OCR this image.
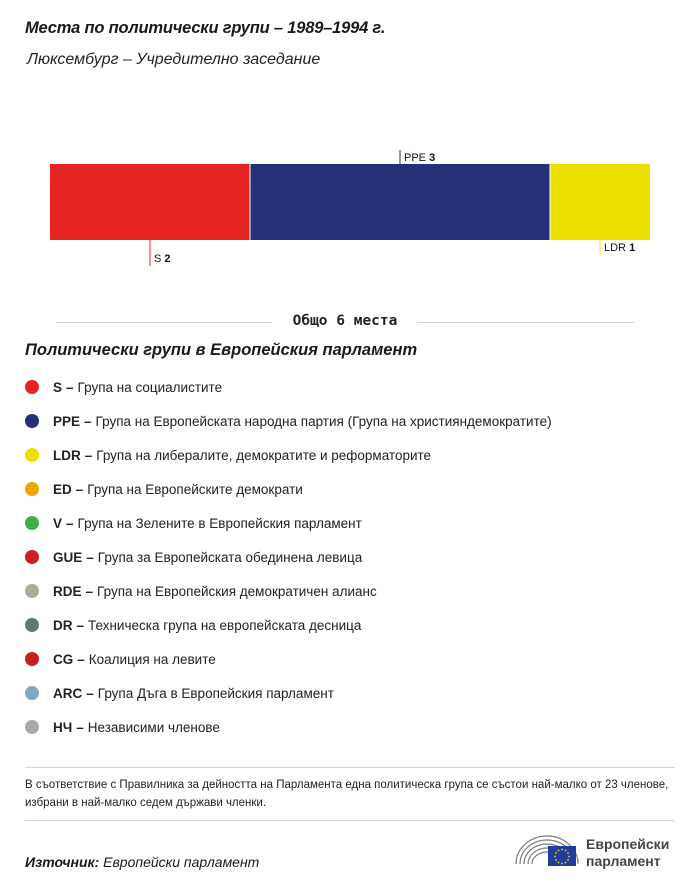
Места по политически групи – 1989–1994 г.
Люксембург – Учредително заседание
S 2
PPE 3
LDR 1
Общо 6 места
Политически групи в Европейския парламент
S – Група на социалистите
PPE – Група на Европейската народна партия (Група на християндемократите)
LDR – Група на либералите, демократите и реформаторите
ED – Група на Европейските демократи
V – Група на Зелените в Европейския парламент
GUE – Група за Европейската обединена левица
RDE – Група на Европейския демократичен алианс
DR – Техническа група на европейската десница
CG – Коалиция на левите
ARC – Група Дъга в Европейския парламент
НЧ – Независими членове
В съответствие с Правилника за дейността на Парламента една политическа група се състои най-малко от 23 членове, избрани в най-малко седем държави членки.
Източник: Европейски парламент
Европейски
парламент
